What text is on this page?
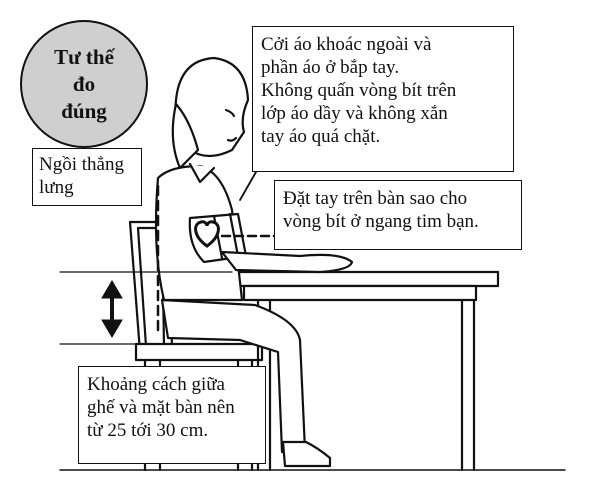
Tư thế
đo
đúng
Cởi áo khoác ngoài và
phần áo ở bắp tay.
Không quấn vòng bít trên
lớp áo dầy và không xắn
tay áo quá chặt.
Ngồi thẳng
lưng
Đặt tay trên bàn sao cho
vòng bít ở ngang tim bạn.
Khoảng cách giữa
ghế và mặt bàn nên
từ 25 tới 30 cm.
